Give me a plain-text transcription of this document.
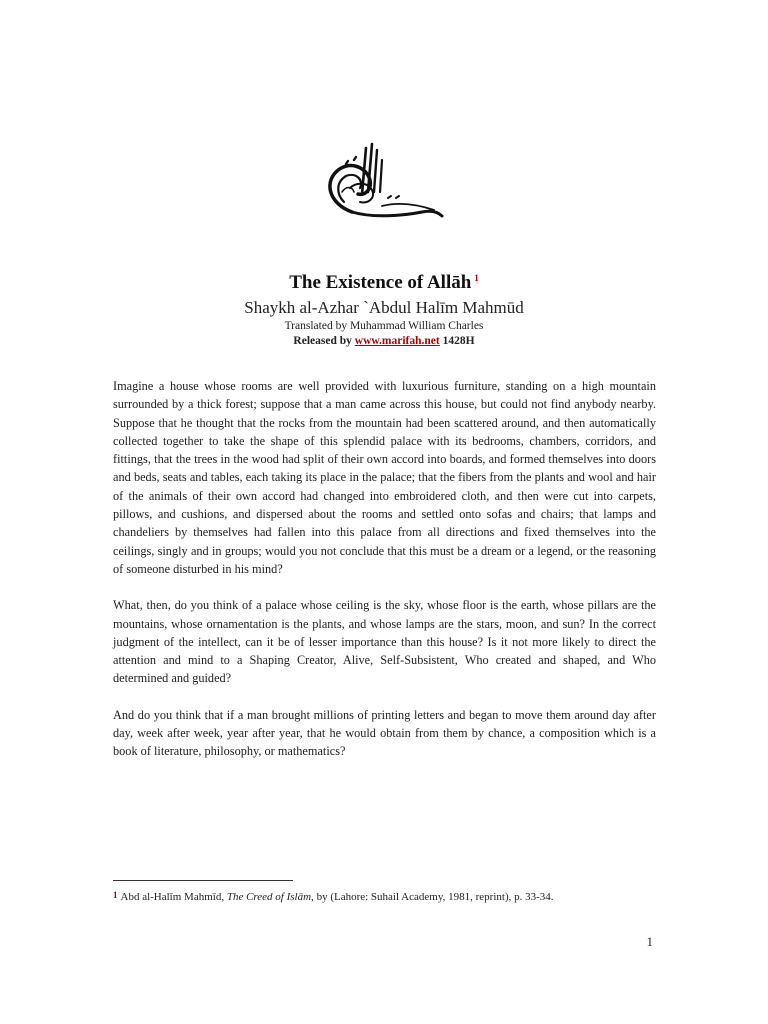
The Existence of Allāh $^1$
Shaykh al-Azhar `Abdul Halīm Mahmūd
Translated by Muhammad William Charles
Released by www.marifah.net 1428H

Imagine a house whose rooms are well provided with luxurious furniture, standing on a high mountain surrounded by a thick forest; suppose that a man came across this house, but could not find anybody nearby. Suppose that he thought that the rocks from the mountain had been scattered around, and then automatically collected together to take the shape of this splendid palace with its bedrooms, chambers, corridors, and fittings, that the trees in the wood had split of their own accord into boards, and formed themselves into doors and beds, seats and tables, each taking its place in the palace; that the fibers from the plants and wool and hair of the animals of their own accord had changed into embroidered cloth, and then were cut into carpets, pillows, and cushions, and dispersed about the rooms and settled onto sofas and chairs; that lamps and chandeliers by themselves had fallen into this palace from all directions and fixed themselves into the ceilings, singly and in groups; would you not conclude that this must be a dream or a legend, or the reasoning of someone disturbed in his mind?

What, then, do you think of a palace whose ceiling is the sky, whose floor is the earth, whose pillars are the mountains, whose ornamentation is the plants, and whose lamps are the stars, moon, and sun? In the correct judgment of the intellect, can it be of lesser importance than this house? Is it not more likely to direct the attention and mind to a Shaping Creator, Alive, Self-Subsistent, Who created and shaped, and Who determined and guided?

And do you think that if a man brought millions of printing letters and began to move them around day after day, week after week, year after year, that he would obtain from them by chance, a composition which is a book of literature, philosophy, or mathematics?

1 Abd al-Halīm Mahmīd, The Creed of Islām, by (Lahore: Suhail Academy, 1981, reprint), p. 33-34.
1
